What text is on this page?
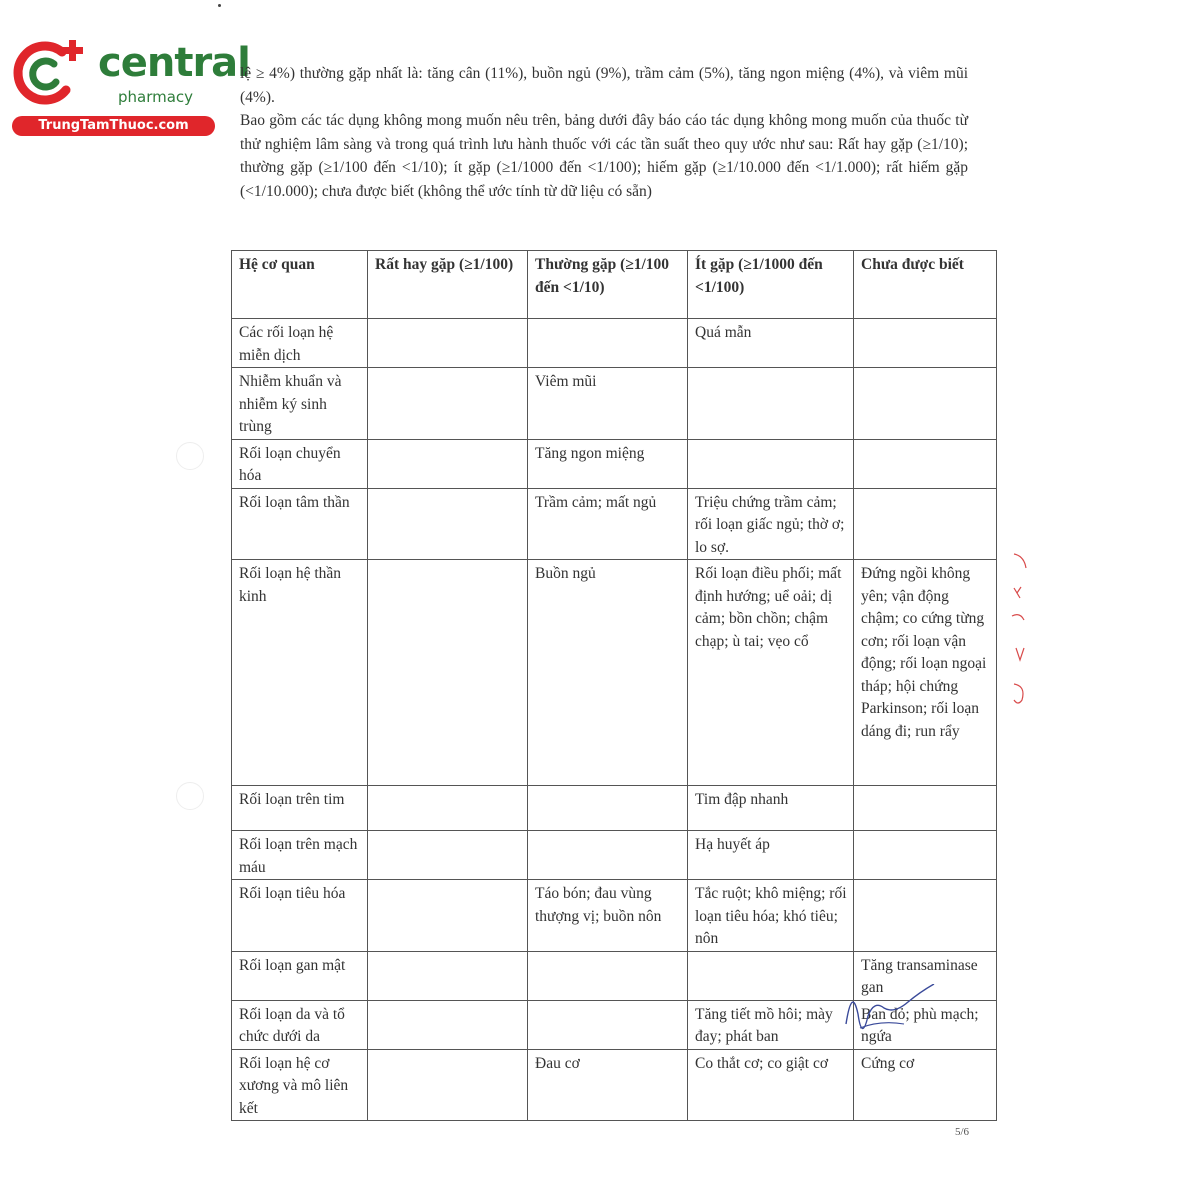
central
pharmacy
TrungTamThuoc.com

lệ ≥ 4%) thường gặp nhất là: tăng cân (11%), buồn ngủ (9%), trầm cảm (5%), tăng ngon miệng (4%), và viêm mũi (4%).

Bao gồm các tác dụng không mong muốn nêu trên, bảng dưới đây báo cáo tác dụng không mong muốn của thuốc từ thử nghiệm lâm sàng và trong quá trình lưu hành thuốc với các tần suất theo quy ước như sau: Rất hay gặp (≥1/10); thường gặp (≥1/100 đến <1/10); ít gặp (≥1/1000 đến <1/100); hiếm gặp (≥1/10.000 đến <1/1.000); rất hiếm gặp (<1/10.000); chưa được biết (không thể ước tính từ dữ liệu có sẵn)

Hệ cơ quan	Rất hay gặp (≥1/100)	Thường gặp (≥1/100 đến <1/10)	Ít gặp (≥1/1000 đến <1/100)	Chưa được biết
Các rối loạn hệ miễn dịch			Quá mẫn	
Nhiễm khuẩn và nhiễm ký sinh trùng		Viêm mũi		
Rối loạn chuyển hóa		Tăng ngon miệng		
Rối loạn tâm thần		Trầm cảm; mất ngủ	Triệu chứng trầm cảm; rối loạn giấc ngủ; thờ ơ; lo sợ.	
Rối loạn hệ thần kinh		Buồn ngủ	Rối loạn điều phối; mất định hướng; uể oải; dị cảm; bồn chồn; chậm chạp; ù tai; vẹo cổ	Đứng ngồi không yên; vận động chậm; co cứng từng cơn; rối loạn vận động; rối loạn ngoại tháp; hội chứng Parkinson; rối loạn dáng đi; run rẩy
Rối loạn trên tim			Tim đập nhanh	
Rối loạn trên mạch máu			Hạ huyết áp	
Rối loạn tiêu hóa		Táo bón; đau vùng thượng vị; buồn nôn	Tắc ruột; khô miệng; rối loạn tiêu hóa; khó tiêu; nôn	
Rối loạn gan mật				Tăng transaminase gan
Rối loạn da và tổ chức dưới da			Tăng tiết mồ hôi; mày đay; phát ban	Ban đỏ; phù mạch; ngứa
Rối loạn hệ cơ xương và mô liên kết		Đau cơ	Co thắt cơ; co giật cơ	Cứng cơ
5/6
